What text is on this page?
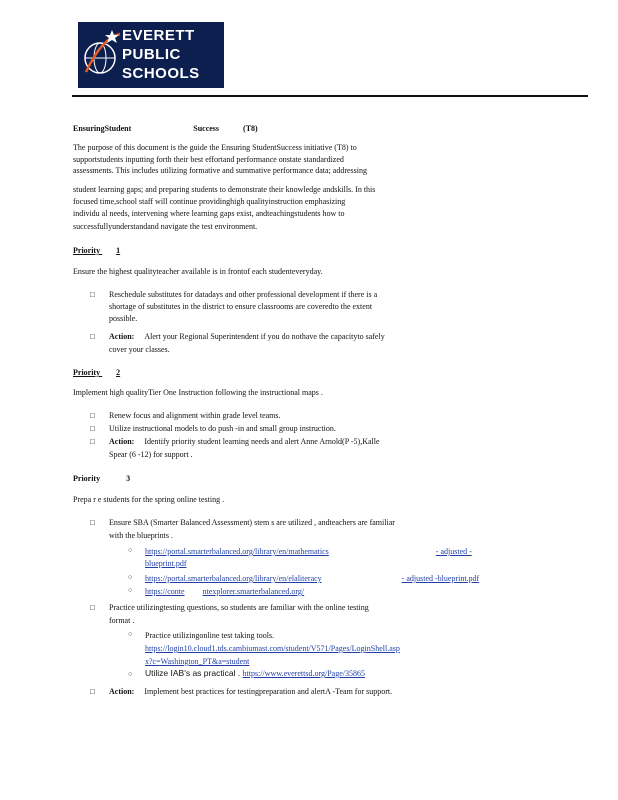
EVERETT
PUBLIC
SCHOOLS
EnsuringStudent	Success	(T8)
The purpose of this document is the guide the Ensuring StudentSuccess initiative (T8) to
supportstudents inputting forth their best effortand performance onstate standardized
assessments. This includes utilizing formative and summative performance data; addressing
student learning gaps; and preparing students to demonstrate their knowledge andskills. In this
focused time,school staff will continue providinghigh qualityinstruction emphasizing
individu al needs, intervening where learning gaps exist, andteachingstudents how to
successfullyunderstandand navigate the test environment.
Priority 1
Ensure the highest qualityteacher available is in frontof each studenteveryday.
□ Reschedule substitutes for datadays and other professional development if there is a
shortage of substitutes in the district to ensure classrooms are coveredto the extent
possible.
□ Action: Alert your Regional Superintendent if you do nothave the capacityto safely
cover your classes.
Priority 2
Implement high qualityTier One Instruction following the instructional maps .
□ Renew focus and alignment within grade level teams.
□ Utilize instructional models to do push -in and small group instruction.
□ Action: Identify priority student learning needs and alert Anne Arnold(P -5),Kalle
Spear (6 -12) for support .
Priority	3
Prepa r e students for the spring online testing .
□ Ensure SBA (Smarter Balanced Assessment) stem s are utilized , andteachers are familiar
with the blueprints .
○ https://portal.smarterbalanced.org/library/en/mathematics	- adjusted -
blueprint.pdf
○ https://portal.smarterbalanced.org/library/en/elaliteracy	- adjusted -blueprint.pdf
○ https://conte ntexplorer.smarterbalanced.org/
□ Practice utilizingtesting questions, so students are familiar with the online testing
format .
○ Practice utilizingonline test taking tools.
https://login10.cloud1.tds.cambiumast.com/student/V571/Pages/LoginShell.asp
x?c=Washington_PT&a=student
○ Utilize IAB's as practical . https://www.everettsd.org/Page/35865
□ Action: Implement best practices for testingpreparation and alertA -Team for support.
